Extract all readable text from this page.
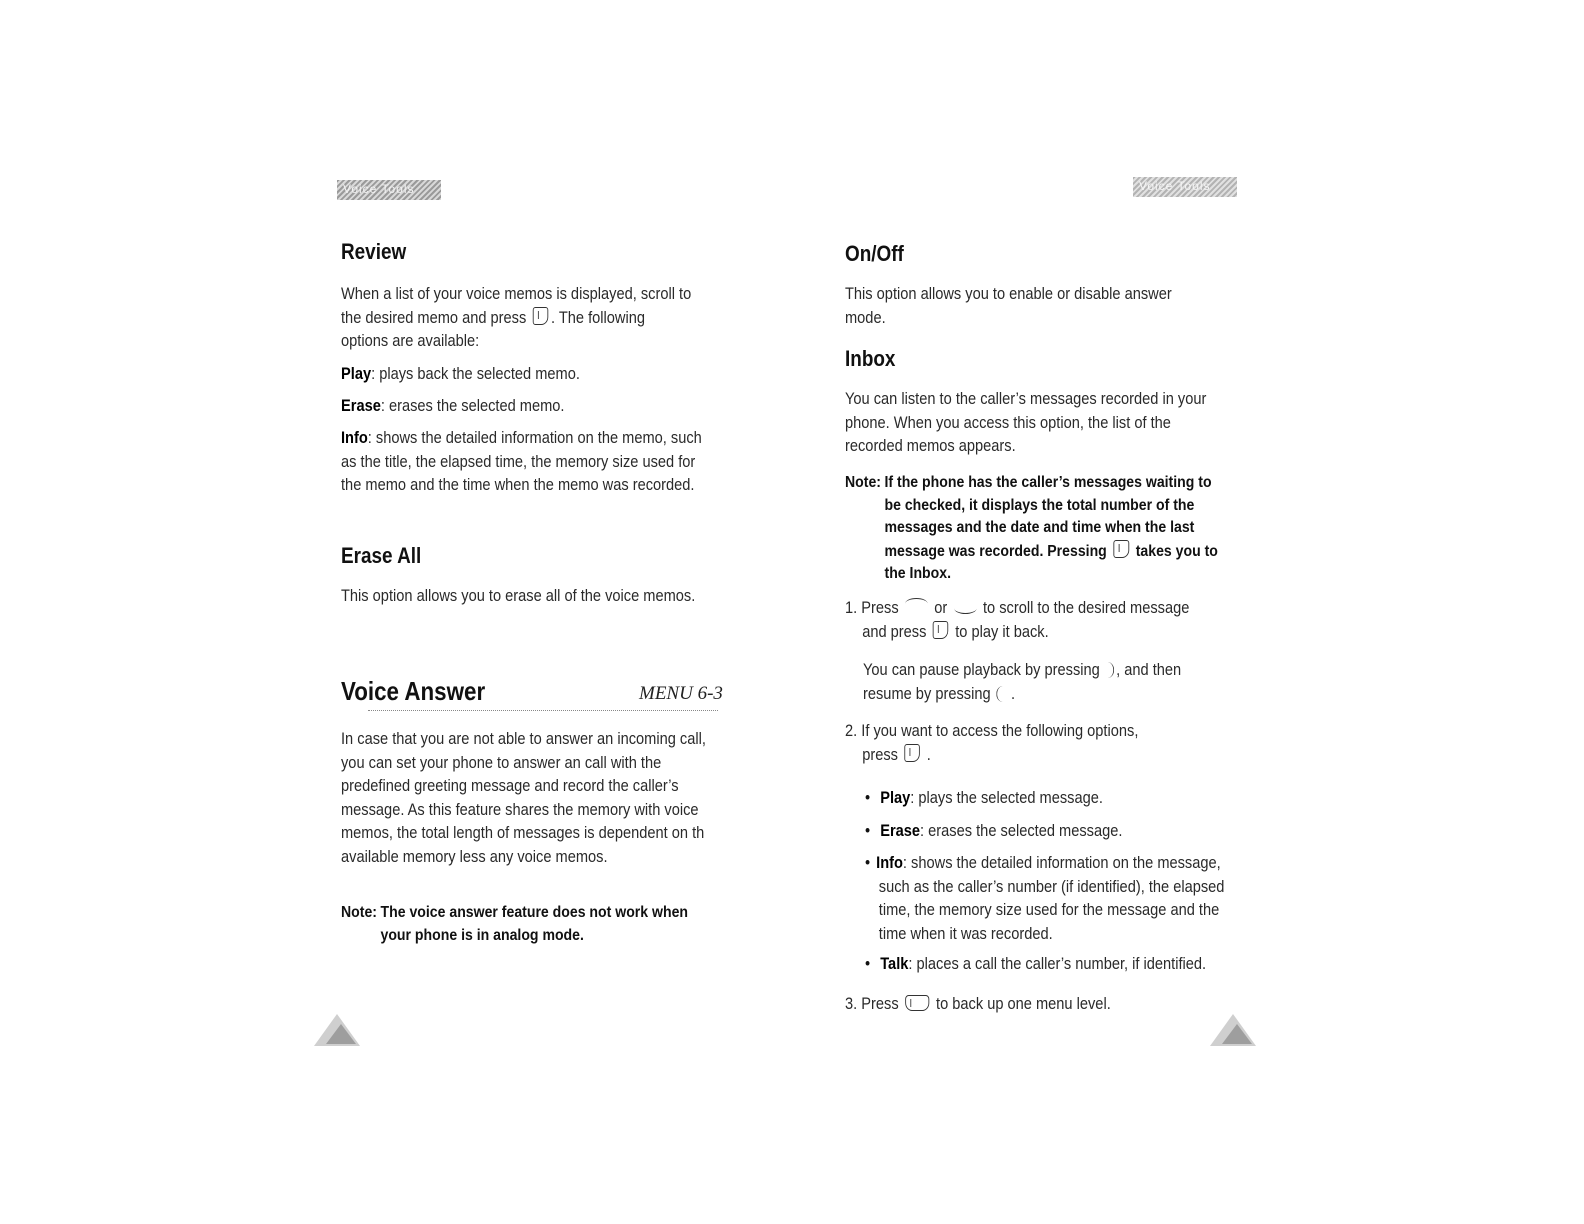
Voice Tools
Review

When a list of your voice memos is displayed, scroll to
the desired memo and press . The following
options are available:

Play: plays back the selected memo.

Erase: erases the selected memo.

Info: shows the detailed information on the memo, such as the title, the elapsed time, the memory size used for the memo and the time when the memo was recorded.

Erase All

This option allows you to erase all of the voice memos.

Voice Answer	MENU 6-3

In case that you are not able to answer an incoming call, you can set your phone to answer an call with the predefined greeting message and record the caller’s message. As this feature shares the memory with voice memos, the total length of messages is dependent on th available memory less any voice memos.

Note: The voice answer feature does not work when your phone is in analog mode.
Voice Tools
On/Off

This option allows you to enable or disable answer mode.

Inbox

You can listen to the caller’s messages recorded in your phone. When you access this option, the list of the recorded memos appears.

Note: If the phone has the caller’s messages waiting to be checked, it displays the total number of the messages and the date and time when the last message was recorded. Pressing takes you to the Inbox.

1. Press or to scroll to the desired message
and press to play it back.

You can pause playback by pressing , and then
resume by pressing .

2. If you want to access the following options,
press .

• Play: plays the selected message.

• Erase: erases the selected message.

• Info: shows the detailed information on the message, such as the caller’s number (if identified), the elapsed time, the memory size used for the message and the time when it was recorded.

• Talk: places a call the caller’s number, if identified.

3. Press to back up one menu level.
